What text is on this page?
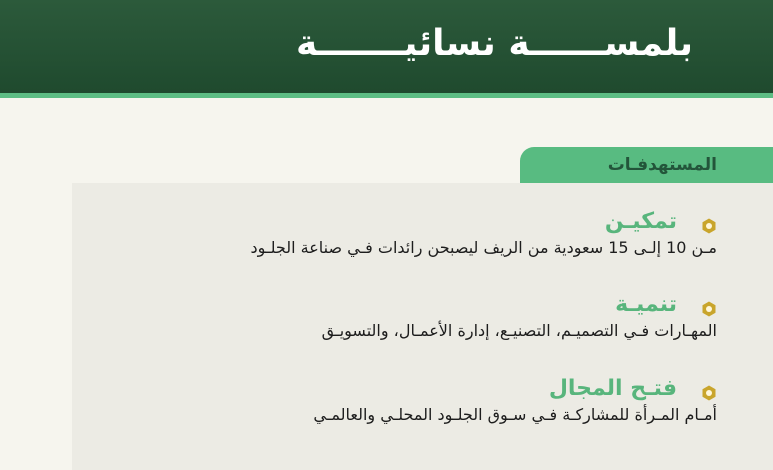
بلمســــــة نسائيـــــــة
المستهدفـات
تمكيـن
مـن 10 إلـى 15 سعودية من الريف ليصبحن رائدات فـي صناعة الجلـود
تنميـة
المهـارات فـي التصميـم، التصنيـع، إدارة الأعمـال، والتسويـق
فتـح المجال
أمـام المـرأة للمشاركـة فـي سـوق الجلـود المحلـي والعالمـي
